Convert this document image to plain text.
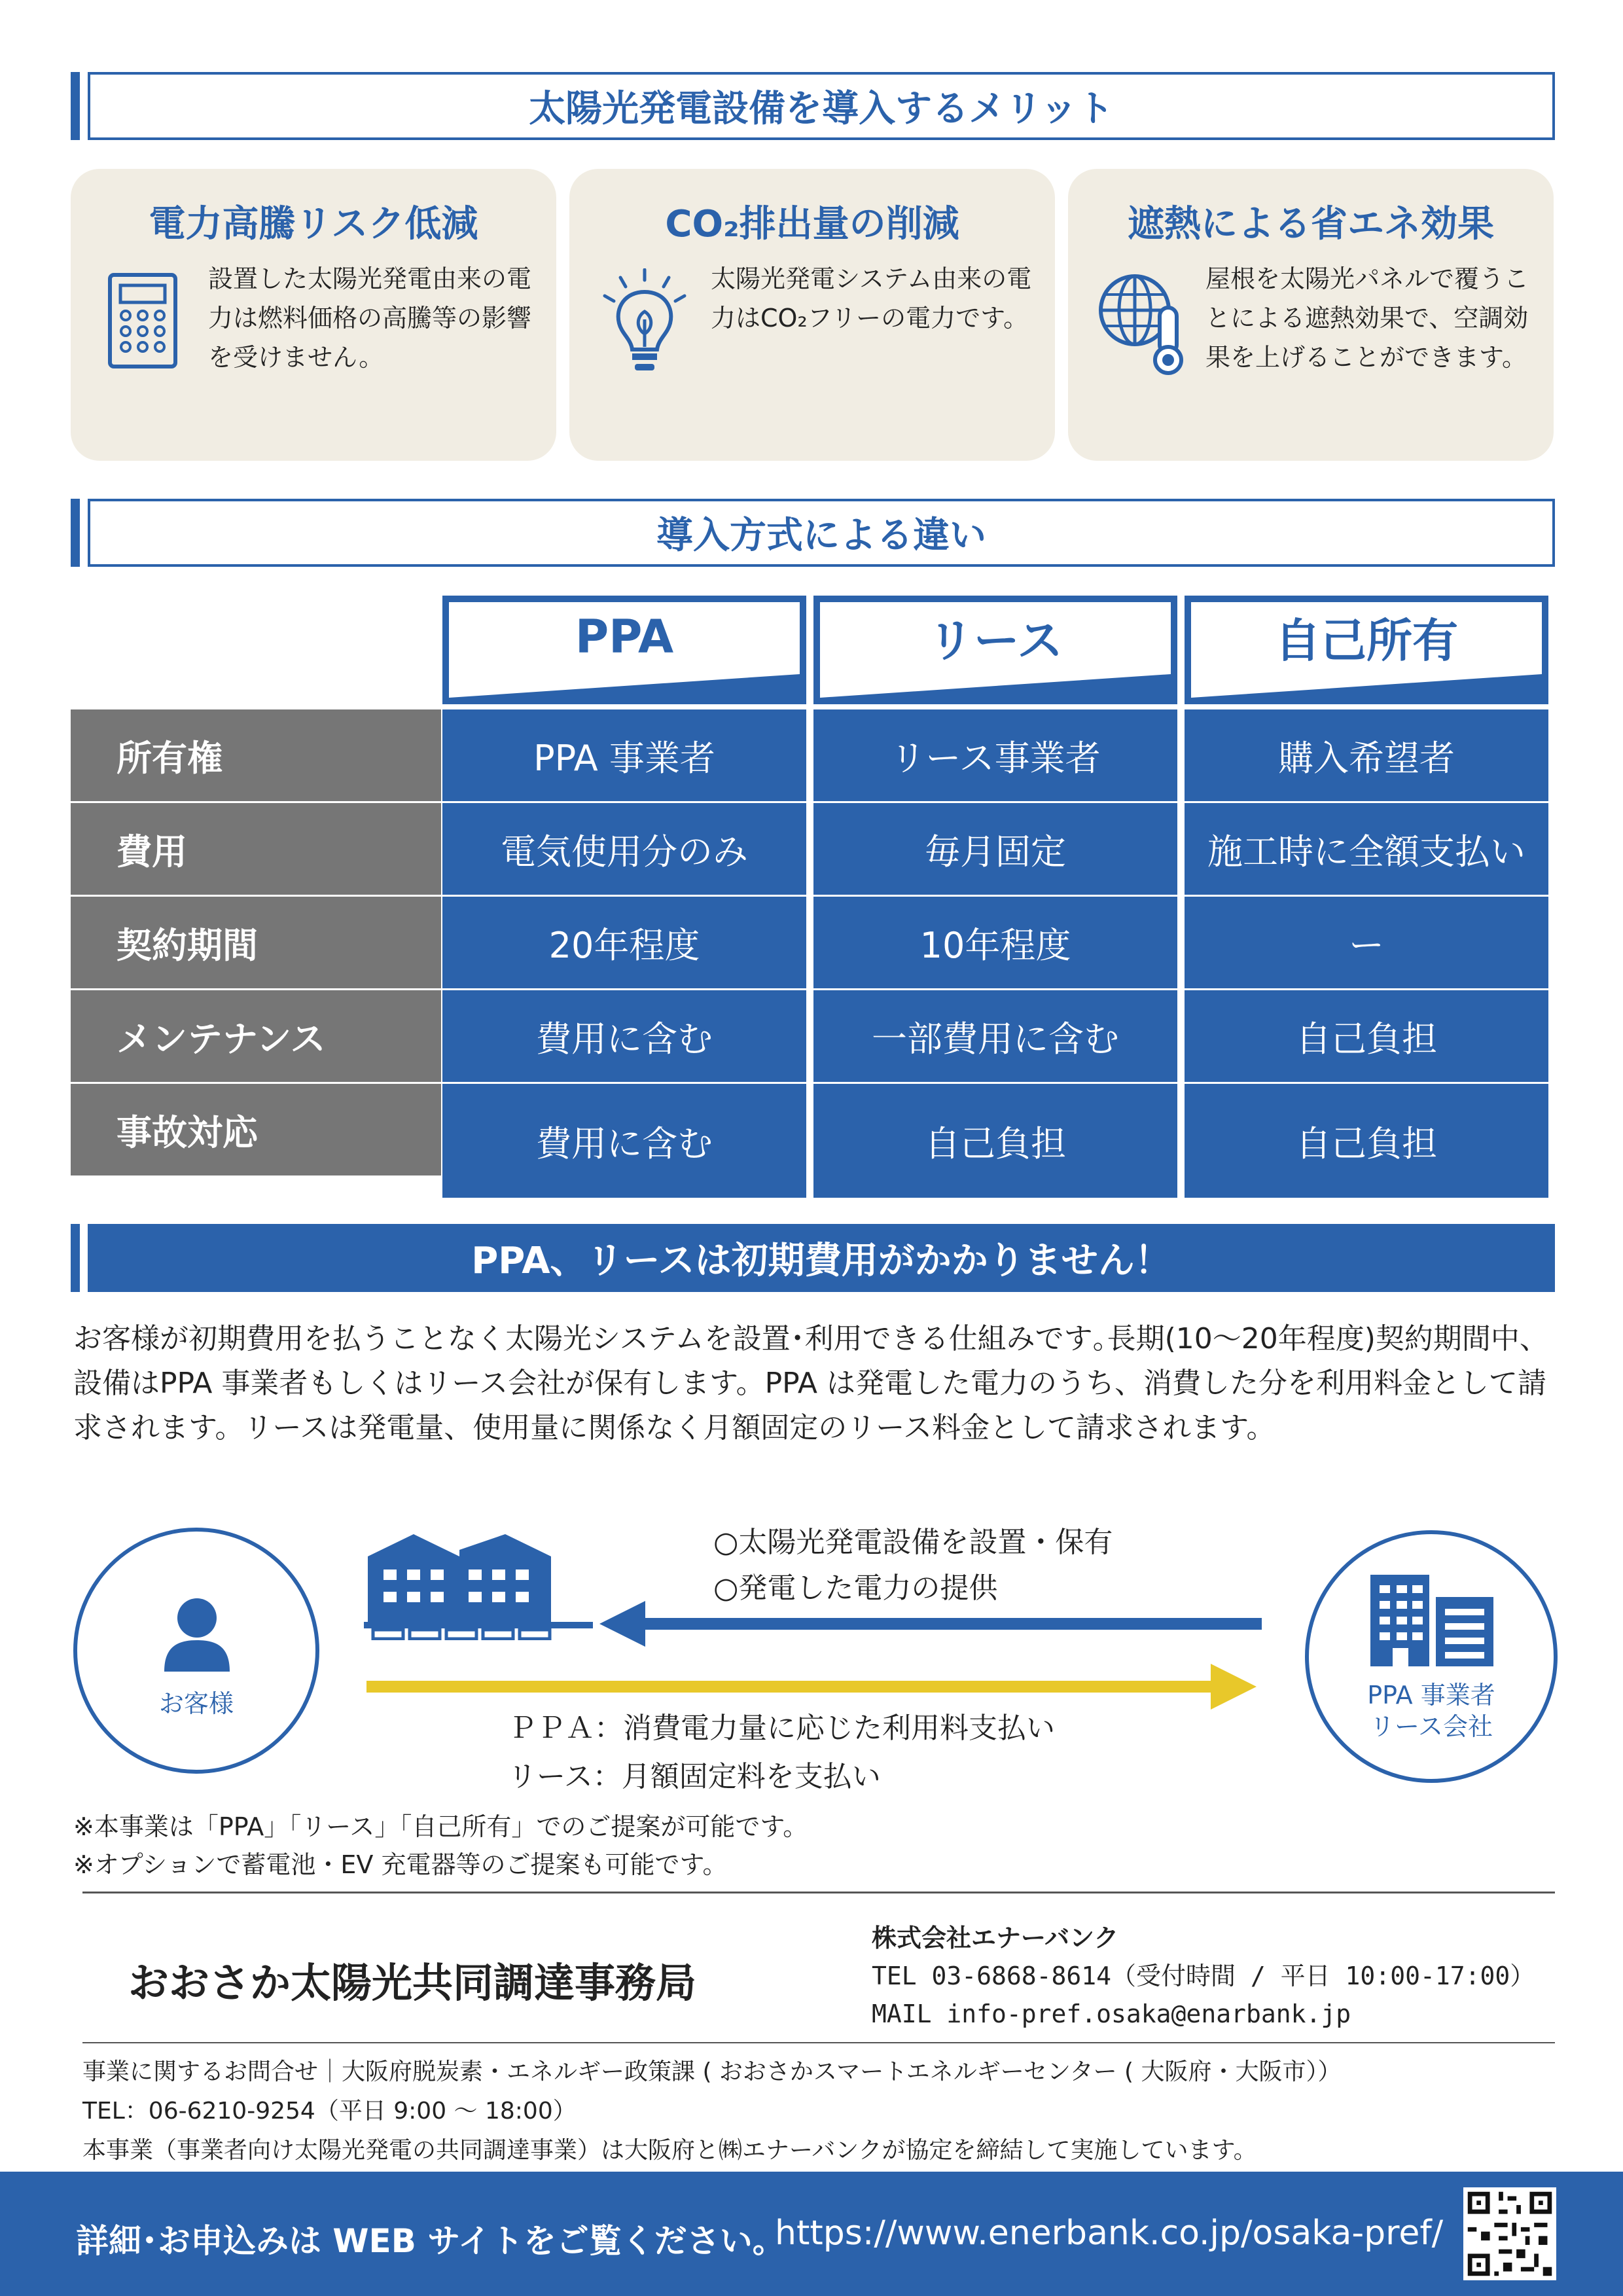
太陽光発電設備を導入するメリット
電力高騰リスク低減
設置した太陽光発電由来の電力は燃料価格の高騰等の影響を受けません。
CO₂排出量の削減
太陽光発電システム由来の電力はCO₂フリーの電力です。
遮熱による省エネ効果
屋根を太陽光パネルで覆うことによる遮熱効果で、空調効果を上げることができます。
導入方式による違い
PPA	リース	自己所有
所有権	PPA 事業者	リース事業者	購入希望者
費用	電気使用分のみ	毎月固定	施工時に全額支払い
契約期間	20年程度	10年程度	ー
メンテナンス	費用に含む	一部費用に含む	自己負担
事故対応	費用に含む	自己負担	自己負担
PPA、リースは初期費用がかかりません！
お客様が初期費用を払うことなく太陽光システムを設置･利用できる仕組みです｡長期(10〜20年程度)契約期間中、設備はPPA 事業者もしくはリース会社が保有します。PPA は発電した電力のうち、消費した分を利用料金として請求されます。リースは発電量、使用量に関係なく月額固定のリース料金として請求されます。
お客様
○太陽光発電設備を設置・保有
○発電した電力の提供
ＰＰＡ：消費電力量に応じた利用料支払い
リース：月額固定料を支払い
PPA 事業者
リース会社
※本事業は「PPA」「リース」「自己所有」でのご提案が可能です。
※オプションで蓄電池・EV 充電器等のご提案も可能です。
おおさか太陽光共同調達事務局
株式会社エナーバンク
TEL 03-6868-8614（受付時間 / 平日 10:00-17:00）
MAIL info-pref.osaka@enarbank.jp
事業に関するお問合せ｜大阪府脱炭素・エネルギー政策課 ( おおさかスマートエネルギーセンター ( 大阪府・大阪市））
TEL：06-6210-9254（平日 9:00 〜 18:00）
本事業（事業者向け太陽光発電の共同調達事業）は大阪府と㈱エナーバンクが協定を締結して実施しています。
詳細･お申込みは WEB サイトをご覧ください。
https://www.enerbank.co.jp/osaka-pref/
